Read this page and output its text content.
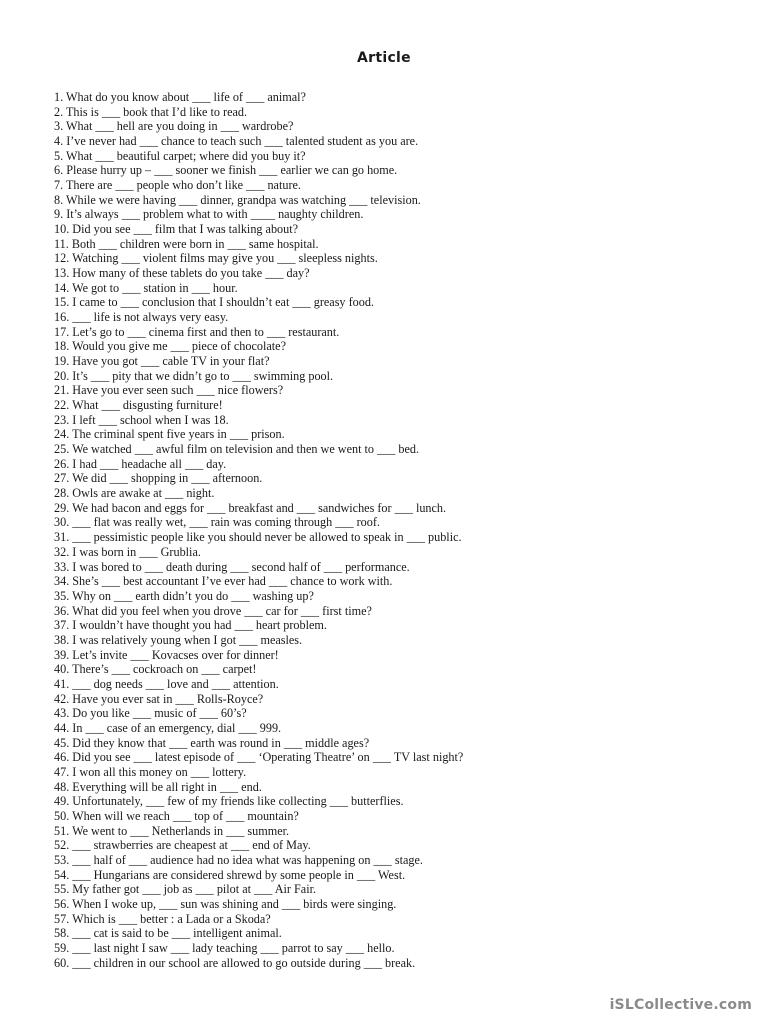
Article
1. What do you know about ___ life of ___ animal?
2. This is ___ book that I’d like to read.
3. What ___ hell are you doing in ___ wardrobe?
4. I’ve never had ___ chance to teach such ___ talented student as you are.
5. What ___ beautiful carpet; where did you buy it?
6. Please hurry up – ___ sooner we finish ___ earlier we can go home.
7. There are ___ people who don’t like ___ nature.
8. While we were having ___ dinner, grandpa was watching ___ television.
9. It’s always ___ problem what to with ____ naughty children.
10. Did you see ___ film that I was talking about?
11. Both ___ children were born in ___ same hospital.
12. Watching ___ violent films may give you ___ sleepless nights.
13. How many of these tablets do you take ___ day?
14. We got to ___ station in ___ hour.
15. I came to ___ conclusion that I shouldn’t eat ___ greasy food.
16. ___ life is not always very easy.
17. Let’s go to ___ cinema first and then to ___ restaurant.
18. Would you give me ___ piece of chocolate?
19. Have you got ___ cable TV in your flat?
20. It’s ___ pity that we didn’t go to ___ swimming pool.
21. Have you ever seen such ___ nice flowers?
22. What ___ disgusting furniture!
23. I left ___ school when I was 18.
24. The criminal spent five years in ___ prison.
25. We watched ___ awful film on television and then we went to ___ bed.
26. I had ___ headache all ___ day.
27. We did ___ shopping in ___ afternoon.
28. Owls are awake at ___ night.
29. We had bacon and eggs for ___ breakfast and ___ sandwiches for ___ lunch.
30. ___ flat was really wet, ___ rain was coming through ___ roof.
31. ___ pessimistic people like you should never be allowed to speak in ___ public.
32. I was born in ___ Grublia.
33. I was bored to ___ death during ___ second half of ___ performance.
34. She’s ___ best accountant I’ve ever had ___ chance to work with.
35. Why on ___ earth didn’t you do ___ washing up?
36. What did you feel when you drove ___ car for ___ first time?
37. I wouldn’t have thought you had ___ heart problem.
38. I was relatively young when I got ___ measles.
39. Let’s invite ___ Kovacses over for dinner!
40. There’s ___ cockroach on ___ carpet!
41. ___ dog needs ___ love and ___ attention.
42. Have you ever sat in ___ Rolls-Royce?
43. Do you like ___ music of ___ 60’s?
44. In ___ case of an emergency, dial ___ 999.
45. Did they know that ___ earth was round in ___ middle ages?
46. Did you see ___ latest episode of ___ ‘Operating Theatre’ on ___ TV last night?
47. I won all this money on ___ lottery.
48. Everything will be all right in ___ end.
49. Unfortunately, ___ few of my friends like collecting ___ butterflies.
50. When will we reach ___ top of ___ mountain?
51. We went to ___ Netherlands in ___ summer.
52. ___ strawberries are cheapest at ___ end of May.
53. ___ half of ___ audience had no idea what was happening on ___ stage.
54. ___ Hungarians are considered shrewd by some people in ___ West.
55. My father got ___ job as ___ pilot at ___ Air Fair.
56. When I woke up, ___ sun was shining and ___ birds were singing.
57. Which is ___ better : a Lada or a Skoda?
58. ___ cat is said to be ___ intelligent animal.
59. ___ last night I saw ___ lady teaching ___ parrot to say ___ hello.
60. ___ children in our school are allowed to go outside during ___ break.
iSLCollective.com
